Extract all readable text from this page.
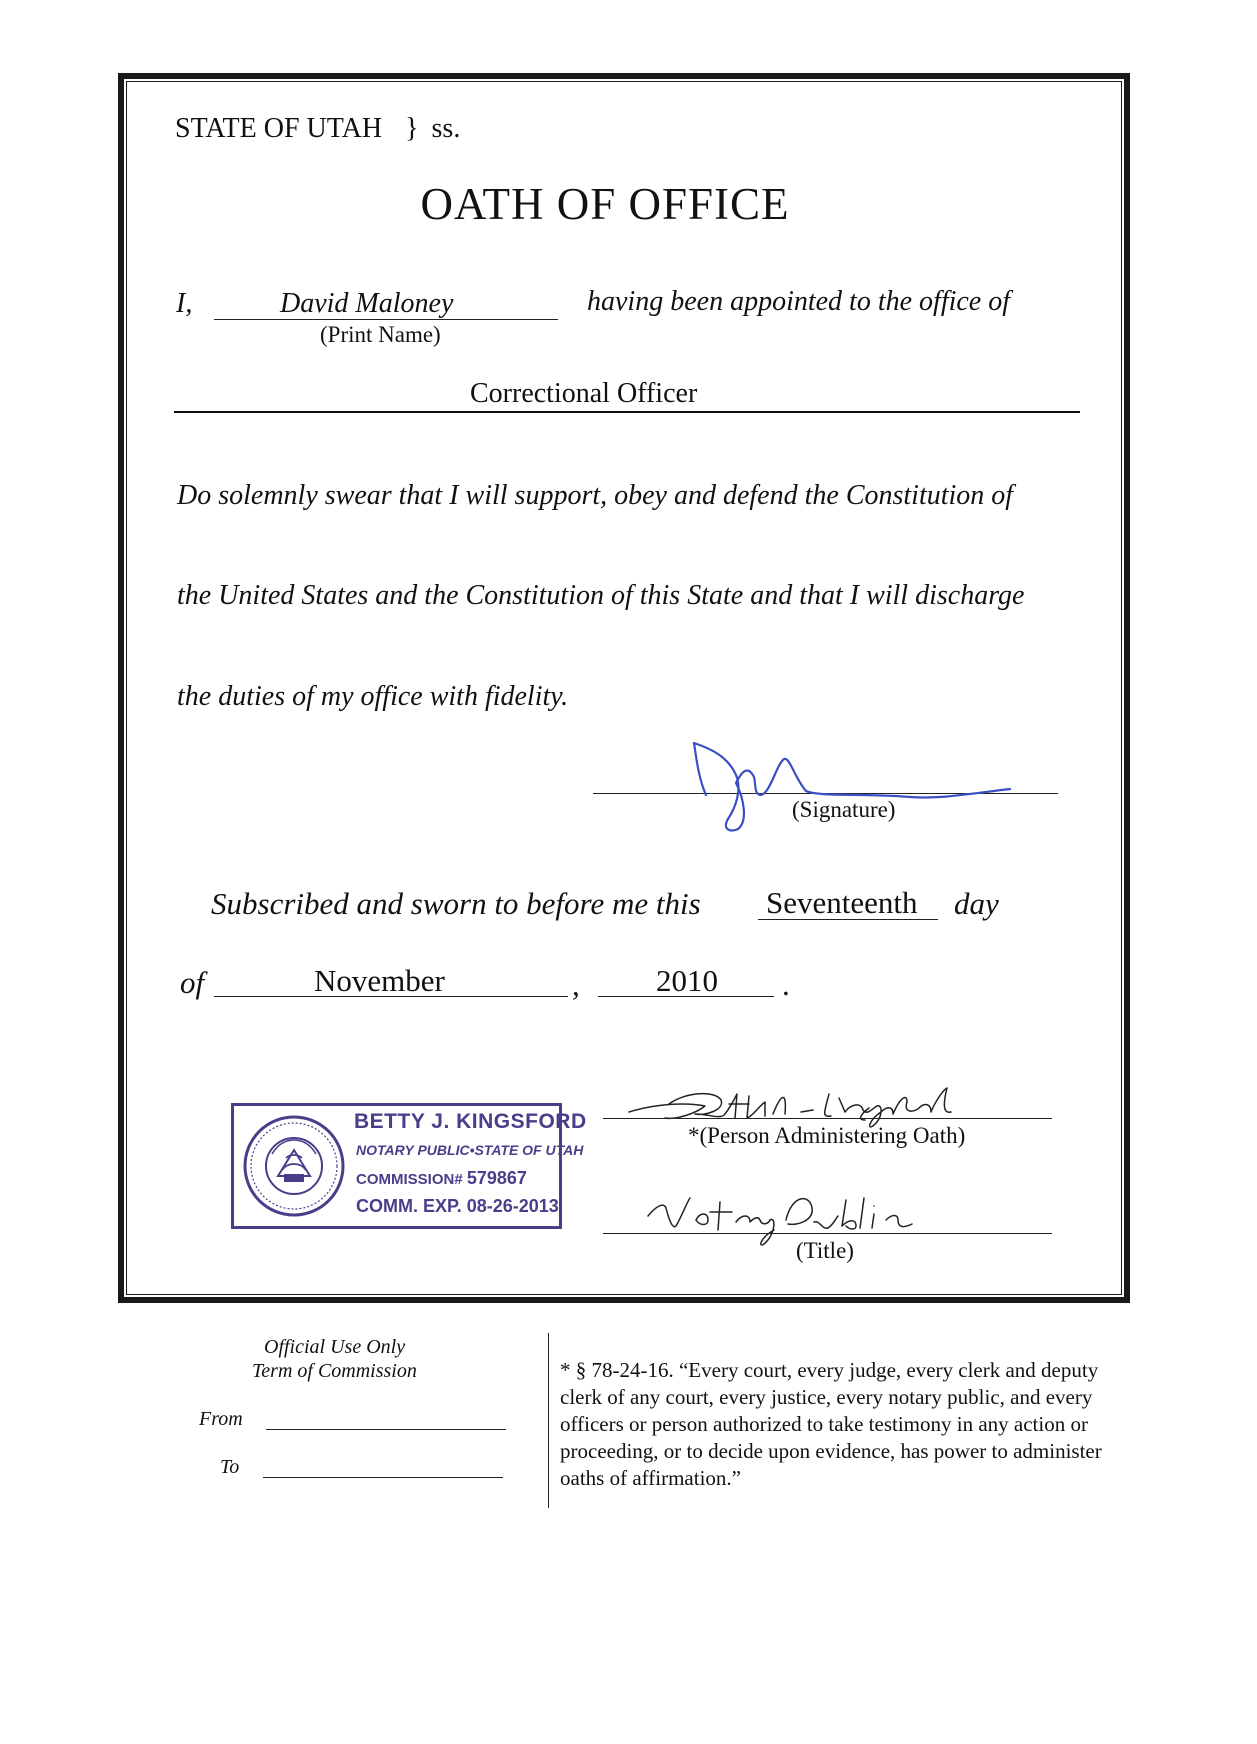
STATE OF UTAH } ss.
OATH OF OFFICE
I,	David Maloney
(Print Name)
having been appointed to the office of
Correctional Officer
Do solemnly swear that I will support, obey and defend the Constitution of
the United States and the Constitution of this State and that I will discharge
the duties of my office with fidelity.
(Signature)
Subscribed and sworn to before me this Seventeenth day
of	November	, 2010 .
BETTY J. KINGSFORD
NOTARY PUBLIC•STATE OF UTAH
COMMISSION# 579867
COMM. EXP. 08-26-2013
*(Person Administering Oath)
(Title)
Official Use Only
Term of Commission
From
To
* § 78-24-16. “Every court, every judge, every clerk and deputy clerk of any court, every justice, every notary public, and every officers or person authorized to take testimony in any action or proceeding, or to decide upon evidence, has power to administer oaths of affirmation.”
